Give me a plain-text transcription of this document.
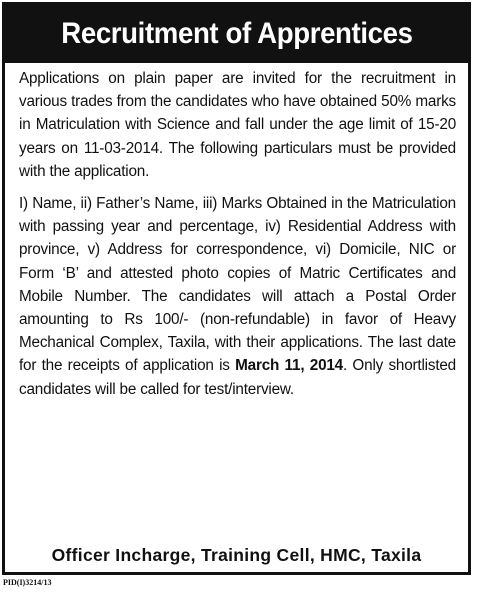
Recruitment of Apprentices

Applications on plain paper are invited for the recruitment in various trades from the candidates who have obtained 50% marks in Matriculation with Science and fall under the age limit of 15-20 years on 11-03-2014. The following particulars must be provided with the application.

I) Name, ii) Father’s Name, iii) Marks Obtained in the Matriculation with passing year and percentage, iv) Residential Address with province, v) Address for correspondence, vi) Domicile, NIC or Form ‘B’ and attested photo copies of Matric Certificates and Mobile Number. The candidates will attach a Postal Order amounting to Rs 100/- (non-refundable) in favor of Heavy Mechanical Complex, Taxila, with their applications. The last date for the receipts of application is March 11, 2014. Only shortlisted candidates will be called for test/interview.

Officer Incharge, Training Cell, HMC, Taxila
PID(I)3214/13
